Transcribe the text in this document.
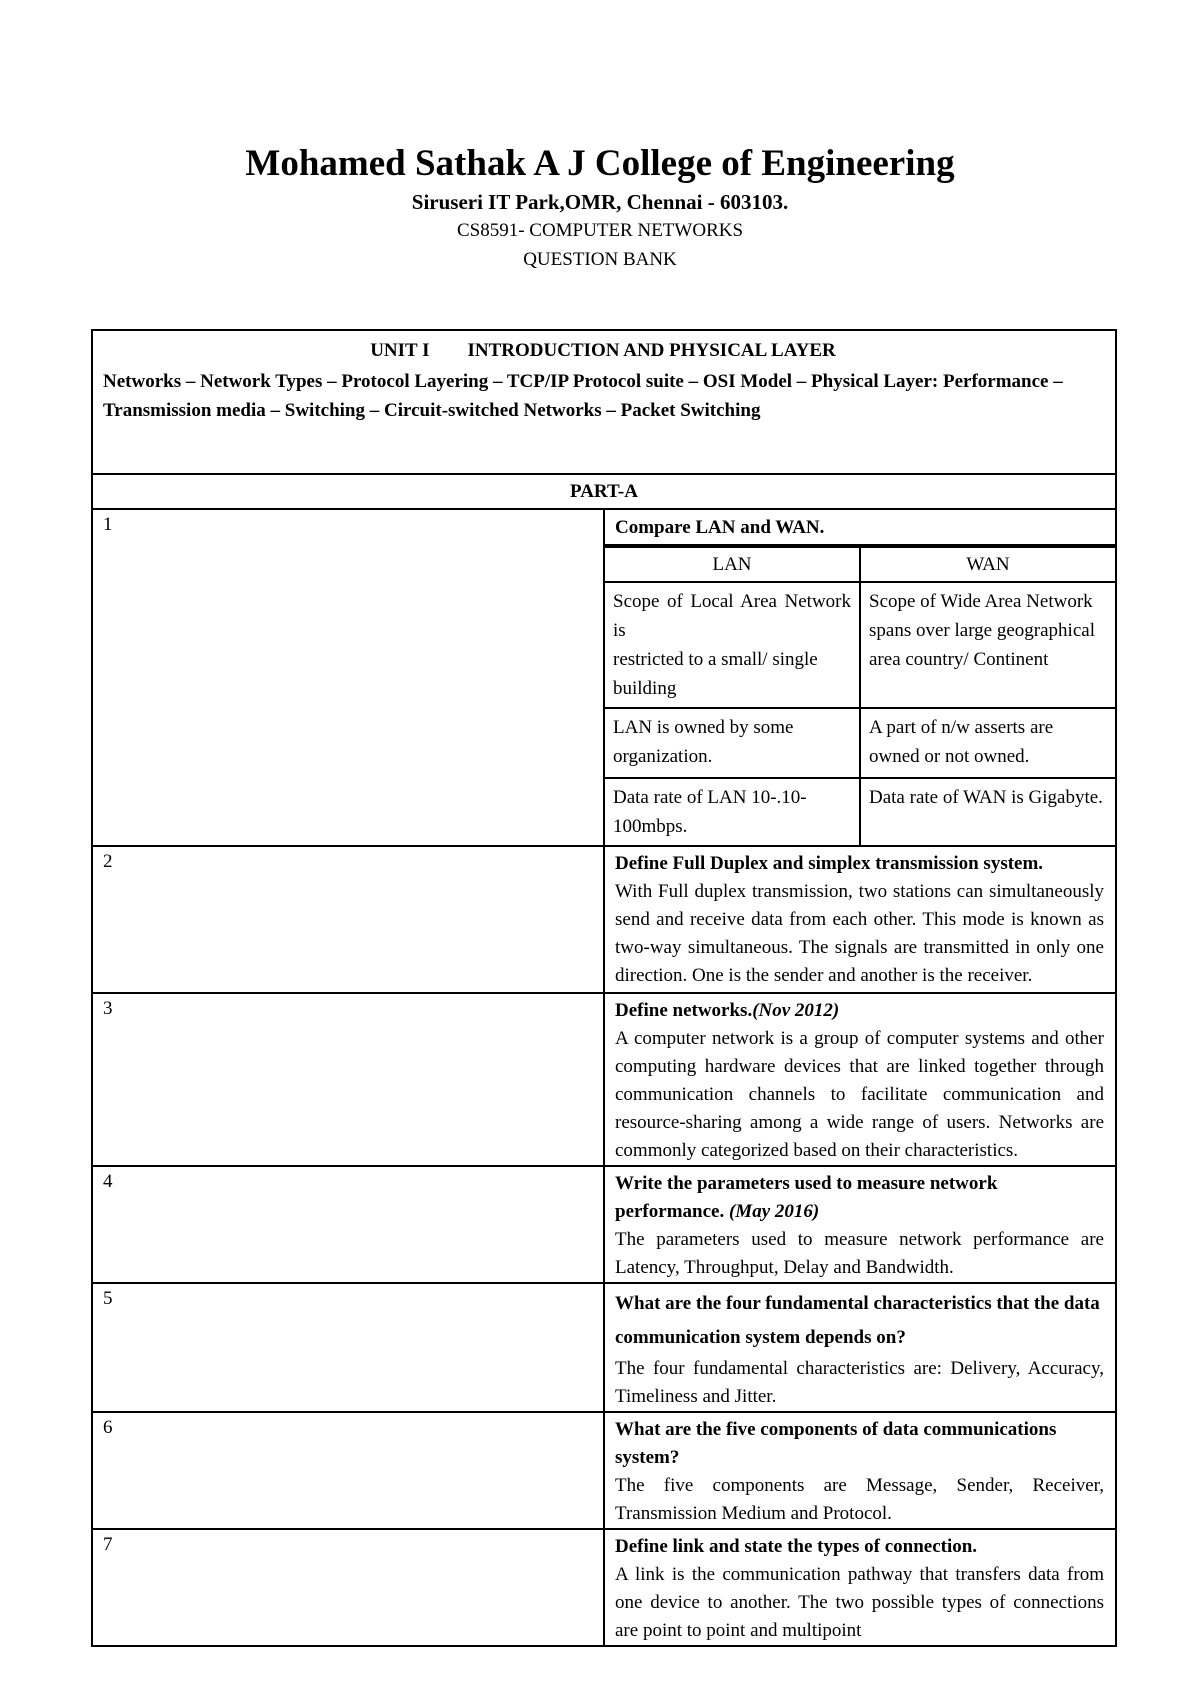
Mohamed Sathak A J College of Engineering
Siruseri IT Park,OMR, Chennai - 603103.
CS8591- COMPUTER NETWORKS
QUESTION BANK
UNIT I INTRODUCTION AND PHYSICAL LAYER
Networks – Network Types – Protocol Layering – TCP/IP Protocol suite – OSI Model – Physical Layer: Performance – Transmission media – Switching – Circuit-switched Networks – Packet Switching

PART-A
1	Compare LAN and WAN.
LAN	WAN

Scope of Local Area Network is
restricted to a small/ single building
	Scope of Wide Area Network spans over large geographical area country/ Continent
LAN is owned by some organization.	A part of n/w asserts are owned or not owned.
Data rate of LAN 10-.10-100mbps.	Data rate of WAN is Gigabyte.

2	Define Full Duplex and simplex transmission system.
With Full duplex transmission, two stations can simultaneously send and receive data from each other. This mode is known as two-way simultaneous. The signals are transmitted in only one direction. One is the sender and another is the receiver.

3	Define networks.(Nov 2012)
A computer network is a group of computer systems and other computing hardware devices that are linked together through communication channels to facilitate communication and resource-sharing among a wide range of users. Networks are commonly categorized based on their characteristics.

4	Write the parameters used to measure network performance. (May 2016)
The parameters used to measure network performance are Latency, Throughput, Delay and Bandwidth.

5	What are the four fundamental characteristics that the data communication system depends on?
The four fundamental characteristics are: Delivery, Accuracy, Timeliness and Jitter.

6	What are the five components of data communications system?
The five components are Message, Sender, Receiver, Transmission Medium and Protocol.

7	Define link and state the types of connection.
A link is the communication pathway that transfers data from one device to another. The two possible types of connections are point to point and multipoint
